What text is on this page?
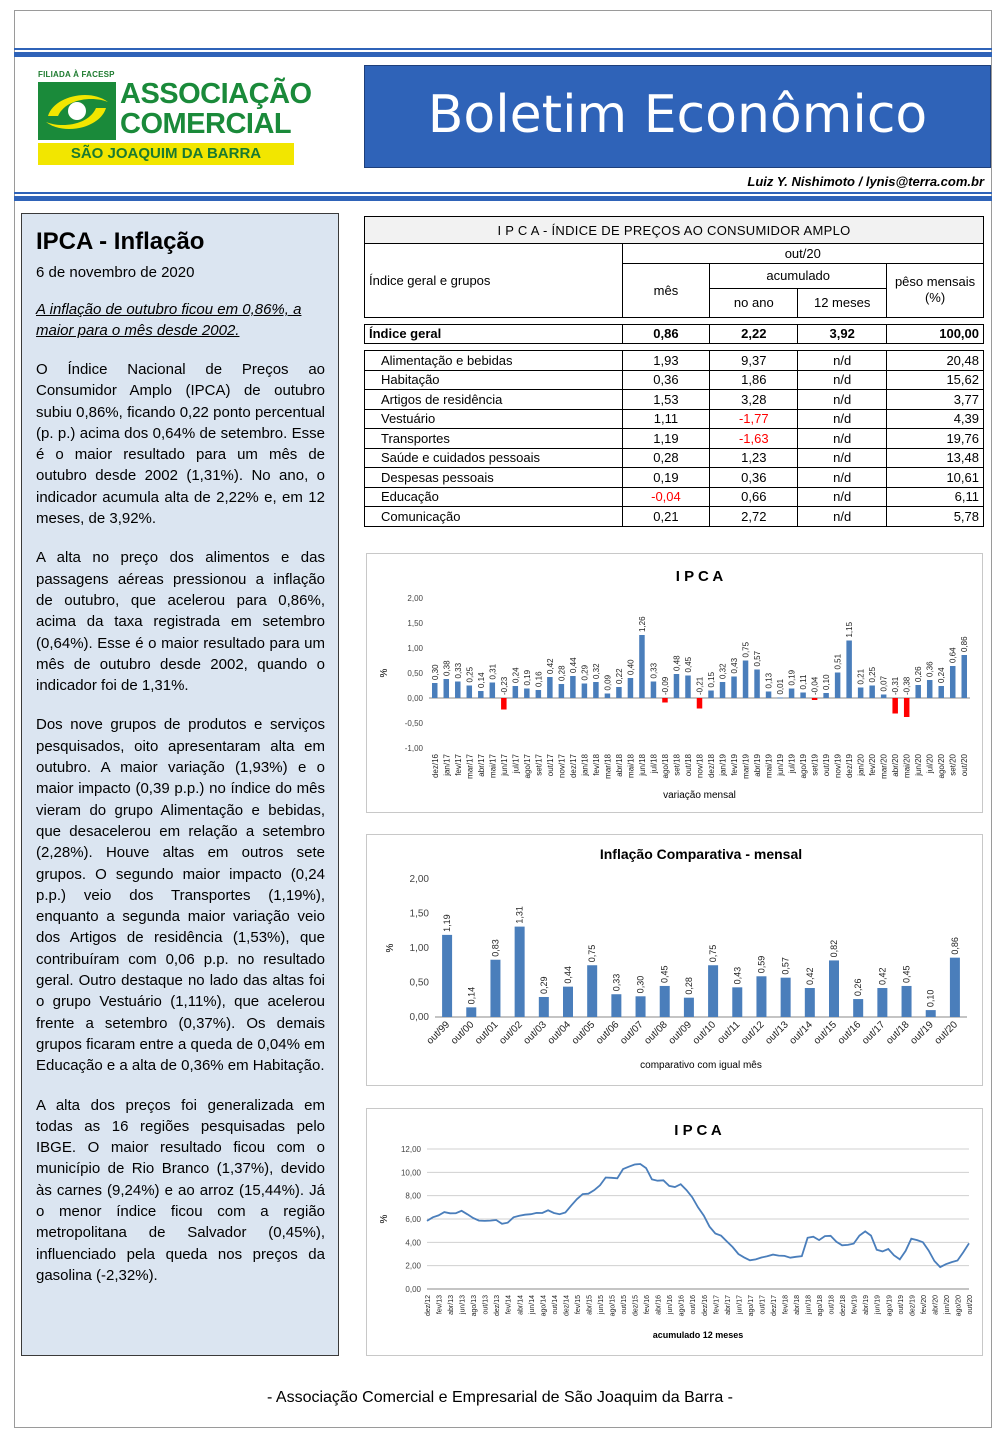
FILIADA À FACESP
ASSOCIAÇÃO
COMERCIAL
SÃO JOAQUIM DA BARRA
Boletim Econômico
Luiz Y. Nishimoto / lynis@terra.com.br
IPCA - Inflação
6 de novembro de 2020
A inflação de outubro ficou em 0,86%, a maior para o mês desde 2002.

O Índice Nacional de Preços ao Consumidor Amplo (IPCA) de outubro subiu 0,86%, ficando 0,22 ponto percentual (p. p.) acima dos 0,64% de setembro. Esse é o maior resultado para um mês de outubro desde 2002 (1,31%). No ano, o indicador acumula alta de 2,22% e, em 12 meses, de 3,92%.

A alta no preço dos alimentos e das passagens aéreas pressionou a inflação de outubro, que acelerou para 0,86%, acima da taxa registrada em setembro (0,64%). Esse é o maior resultado para um mês de outubro desde 2002, quando o indicador foi de 1,31%.

Dos nove grupos de produtos e serviços pesquisados, oito apresentaram alta em outubro. A maior variação (1,93%) e o maior impacto (0,39 p.p.) no índice do mês vieram do grupo Alimentação e bebidas, que desacelerou em relação a setembro (2,28%). Houve altas em outros sete grupos. O segundo maior impacto (0,24 p.p.) veio dos Transportes (1,19%), enquanto a segunda maior variação veio dos Artigos de residência (1,53%), que contribuíram com 0,06 p.p. no resultado geral. Outro destaque no lado das altas foi o grupo Vestuário (1,11%), que acelerou frente a setembro (0,37%). Os demais grupos ficaram entre a queda de 0,04% em Educação e a alta de 0,36% em Habitação.

A alta dos preços foi generalizada em todas as 16 regiões pesquisadas pelo IBGE. O maior resultado ficou com o município de Rio Branco (1,37%), devido às carnes (9,24%) e ao arroz (15,44%). Já o menor índice ficou com a região metropolitana de Salvador (0,45%), influenciado pela queda nos preços da gasolina (-2,32%).

I P C A - ÍNDICE DE PREÇOS AO CONSUMIDOR AMPLO				
Índice geral e grupos	out/20			
	mês	acumulado		pêso mensais (%)
		no ano	12 meses	

Índice geral	0,86	2,22	3,92	100,00

Alimentação e bebidas	1,93	9,37	n/d	20,48
Habitação	0,36	1,86	n/d	15,62
Artigos de residência	1,53	3,28	n/d	3,77
Vestuário	1,11	-1,77	n/d	4,39
Transportes	1,19	-1,63	n/d	19,76
Saúde e cuidados pessoais	0,28	1,23	n/d	13,48
Despesas pessoais	0,19	0,36	n/d	10,61
Educação	-0,04	0,66	n/d	6,11
Comunicação	0,21	2,72	n/d	5,78
I P C A
variação mensal
%
2,00
1,50
1,00
0,50
0,00
-0,50
-1,00
0,30
dez/16
0,38
jan/17
0,33
fev/17
0,25
mar/17
0,14
abr/17
0,31
mai/17
-0,23
jun/17
0,24
jul/17
0,19
ago/17
0,16
set/17
0,42
out/17
0,28
nov/17
0,44
dez/17
0,29
jan/18
0,32
fev/18
0,09
mar/18
0,22
abr/18
0,40
mai/18
1,26
jun/18
0,33
jul/18
-0,09
ago/18
0,48
set/18
0,45
out/18
-0,21
nov/18
0,15
dez/18
0,32
jan/19
0,43
fev/19
0,75
mar/19
0,57
abr/19
0,13
mai/19
0,01
jun/19
0,19
jul/19
0,11
ago/19
-0,04
set/19
0,10
out/19
0,51
nov/19
1,15
dez/19
0,21
jan/20
0,25
fev/20
0,07
mar/20
-0,31
abr/20
-0,38
mai/20
0,26
jun/20
0,36
jul/20
0,24
ago/20
0,64
set/20
0,86
out/20
Inflação Comparativa - mensal
comparativo com igual mês
%
2,00
1,50
1,00
0,50
0,00
1,19
out/99
0,14
out/00
0,83
out/01
1,31
out/02
0,29
out/03
0,44
out/04
0,75
out/05
0,33
out/06
0,30
out/07
0,45
out/08
0,28
out/09
0,75
out/10
0,43
out/11
0,59
out/12
0,57
out/13
0,42
out/14
0,82
out/15
0,26
out/16
0,42
out/17
0,45
out/18
0,10
out/19
0,86
out/20
I P C A
acumulado 12 meses
%
12,00
10,00
8,00
6,00
4,00
2,00
0,00
dez/12 fev/13 abr/13 jun/13 ago/13 out/13 dez/13 fev/14 abr/14 jun/14 ago/14 out/14 dez/14 fev/15 abr/15 jun/15 ago/15 out/15 dez/15 fev/16 abr/16 jun/16 ago/16 out/16 dez/16 fev/17 abr/17 jun/17 ago/17 out/17 dez/17 fev/18 abr/18 jun/18 ago/18 out/18 dez/18 fev/19 abr/19 jun/19 ago/19 out/19 dez/19 fev/20 abr/20 jun/20 ago/20 out/20
- Associação Comercial e Empresarial de São Joaquim da Barra -
